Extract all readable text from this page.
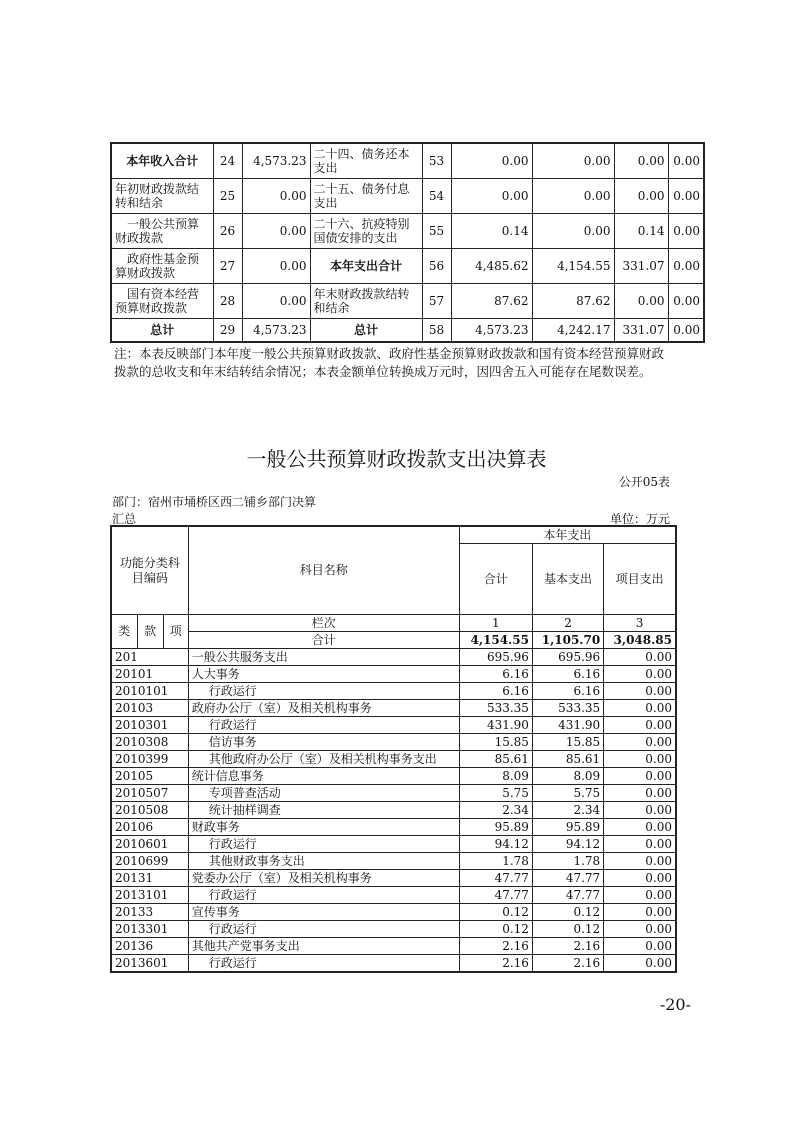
本年收入合计	24	4,573.23	二十四、债务还本支出	53	0.00	0.00	0.00	0.00
年初财政拨款结转和结余	25	0.00	二十五、债务付息支出	54	0.00	0.00	0.00	0.00
　一般公共预算财政拨款	26	0.00	二十六、抗疫特别国债安排的支出	55	0.14	0.00	0.14	0.00
　政府性基金预算财政拨款	27	0.00	本年支出合计	56	4,485.62	4,154.55	331.07	0.00
　国有资本经营预算财政拨款	28	0.00	年末财政拨款结转和结余	57	87.62	87.62	0.00	0.00
总计	29	4,573.23	总计	58	4,573.23	4,242.17	331.07	0.00
注：本表反映部门本年度一般公共预算财政拨款、政府性基金预算财政拨款和国有资本经营预算财政拨款的总收支和年末结转结余情况；本表金额单位转换成万元时，因四舍五入可能存在尾数误差。
一般公共预算财政拨款支出决算表
公开05表
部门：宿州市埇桥区西二铺乡部门决算
汇总	单位：万元
功能分类科目编码			科目名称	本年支出		
				合计	基本支出	项目支出
类	款	项	栏次	1	2	3
			合计	4,154.55	1,105.70	3,048.85
201			一般公共服务支出	695.96	695.96	0.00
20101			人大事务	6.16	6.16	0.00
2010101			行政运行	6.16	6.16	0.00
20103			政府办公厅（室）及相关机构事务	533.35	533.35	0.00
2010301			行政运行	431.90	431.90	0.00
2010308			信访事务	15.85	15.85	0.00
2010399			其他政府办公厅（室）及相关机构事务支出	85.61	85.61	0.00
20105			统计信息事务	8.09	8.09	0.00
2010507			专项普查活动	5.75	5.75	0.00
2010508			统计抽样调查	2.34	2.34	0.00
20106			财政事务	95.89	95.89	0.00
2010601			行政运行	94.12	94.12	0.00
2010699			其他财政事务支出	1.78	1.78	0.00
20131			党委办公厅（室）及相关机构事务	47.77	47.77	0.00
2013101			行政运行	47.77	47.77	0.00
20133			宣传事务	0.12	0.12	0.00
2013301			行政运行	0.12	0.12	0.00
20136			其他共产党事务支出	2.16	2.16	0.00
2013601			行政运行	2.16	2.16	0.00
-20-
